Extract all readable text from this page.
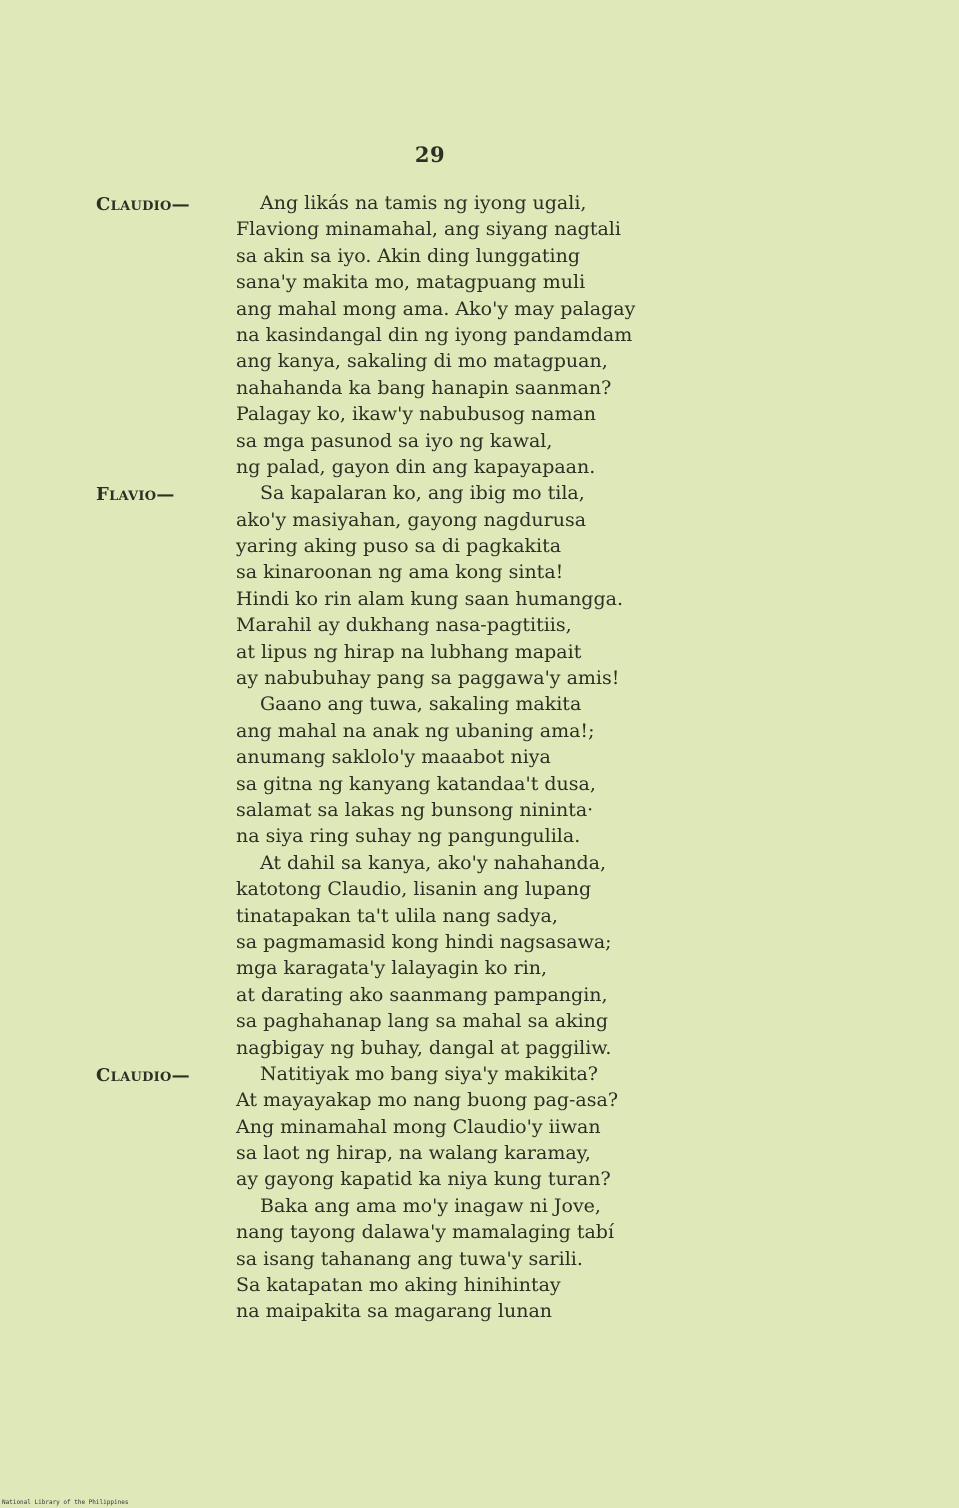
29
Claudio—
Flavio—
Claudio—
Ang likás na tamis ng iyong ugali,
Flaviong minamahal, ang siyang nagtali
sa akin sa iyo. Akin ding lunggating
sana'y makita mo, matagpuang muli
ang mahal mong ama. Ako'y may palagay
na kasindangal din ng iyong pandamdam
ang kanya, sakaling di mo matagpuan,
nahahanda ka bang hanapin saanman?
Palagay ko, ikaw'y nabubusog naman
sa mga pasunod sa iyo ng kawal,
ng palad, gayon din ang kapayapaan.
Sa kapalaran ko, ang ibig mo tila,
ako'y masiyahan, gayong nagdurusa
yaring aking puso sa di pagkakita
sa kinaroonan ng ama kong sinta!
Hindi ko rin alam kung saan humangga.
Marahil ay dukhang nasa-pagtitiis,
at lipus ng hirap na lubhang mapait
ay nabubuhay pang sa paggawa'y amis!
Gaano ang tuwa, sakaling makita
ang mahal na anak ng ubaning ama!;
anumang saklolo'y maaabot niya
sa gitna ng kanyang katandaa't dusa,
salamat sa lakas ng bunsong nininta·
na siya ring suhay ng pangungulila.
At dahil sa kanya, ako'y nahahanda,
katotong Claudio, lisanin ang lupang
tinatapakan ta't ulila nang sadya,
sa pagmamasid kong hindi nagsasawa;
mga karagata'y lalayagin ko rin,
at darating ako saanmang pampangin,
sa paghahanap lang sa mahal sa aking
nagbigay ng buhay, dangal at paggiliw.
Natitiyak mo bang siya'y makikita?
At mayayakap mo nang buong pag-asa?
Ang minamahal mong Claudio'y iiwan
sa laot ng hirap, na walang karamay,
ay gayong kapatid ka niya kung turan?
Baka ang ama mo'y inagaw ni Jove,
nang tayong dalawa'y mamalaging tabí
sa isang tahanang ang tuwa'y sarili.
Sa katapatan mo aking hinihintay
na maipakita sa magarang lunan
National Library of the Philippines
